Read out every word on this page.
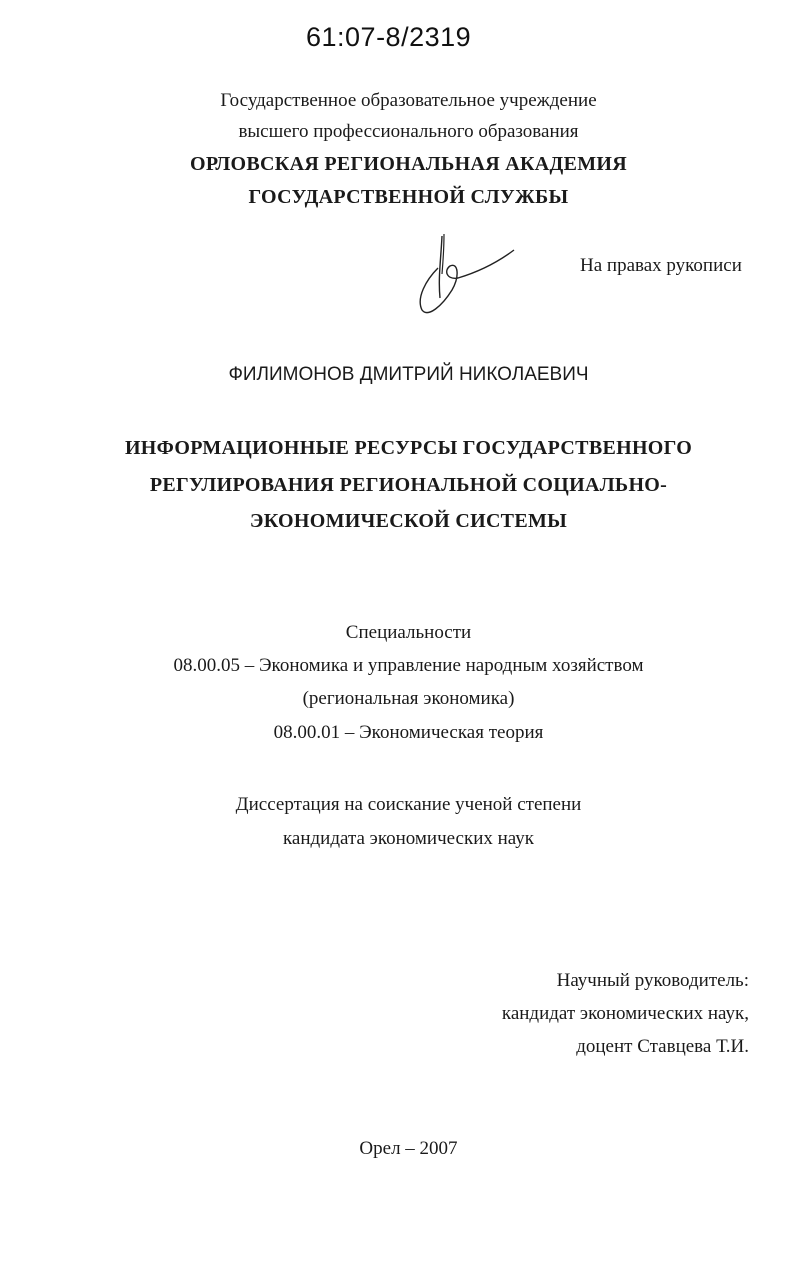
61:07-8/2319
Государственное образовательное учреждение
высшего профессионального образования
ОРЛОВСКАЯ РЕГИОНАЛЬНАЯ АКАДЕМИЯ
ГОСУДАРСТВЕННОЙ СЛУЖБЫ
На правах рукописи
ФИЛИМОНОВ ДМИТРИЙ НИКОЛАЕВИЧ
ИНФОРМАЦИОННЫЕ РЕСУРСЫ ГОСУДАРСТВЕННОГО
РЕГУЛИРОВАНИЯ РЕГИОНАЛЬНОЙ СОЦИАЛЬНО-
ЭКОНОМИЧЕСКОЙ СИСТЕМЫ
Специальности
08.00.05 – Экономика и управление народным хозяйством
(региональная экономика)
08.00.01 – Экономическая теория
Диссертация на соискание ученой степени
кандидата экономических наук
Научный руководитель:
кандидат экономических наук,
доцент Ставцева Т.И.
Орел – 2007
